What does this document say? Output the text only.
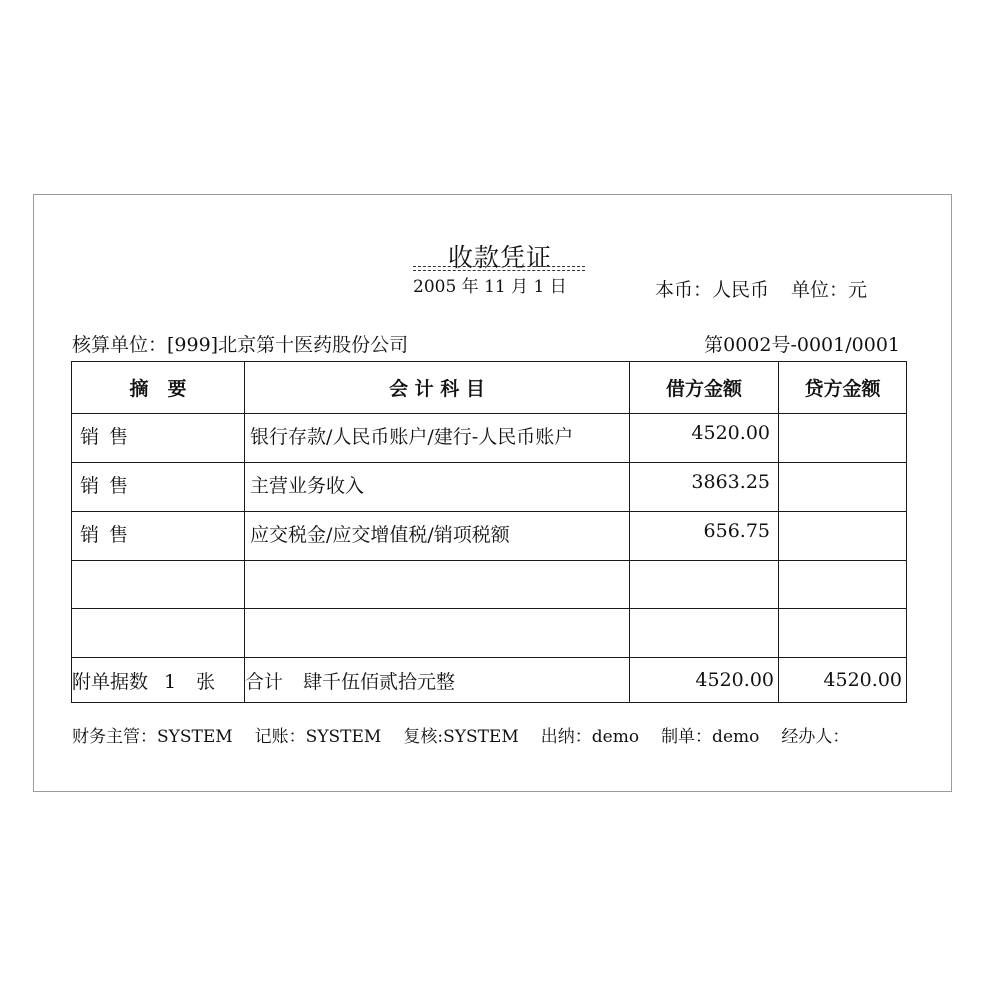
收款凭证
2005 年 11 月 1 日	本币：人民币 单位：元
核算单位：[999]北京第十医药股份公司	第0002号-0001/0001
摘　要	会 计 科 目	借方金额	贷方金额
销 售	银行存款/人民币账户/建行-人民币账户	4520.00	
销 售	主营业务收入	3863.25	
销 售	应交税金/应交增值税/销项税额	656.75	

附单据数 1 张	合计 肆千伍佰贰拾元整	4520.00	4520.00
财务主管：SYSTEM 记账：SYSTEM 复核:SYSTEM 出纳：demo 制单：demo 经办人：
